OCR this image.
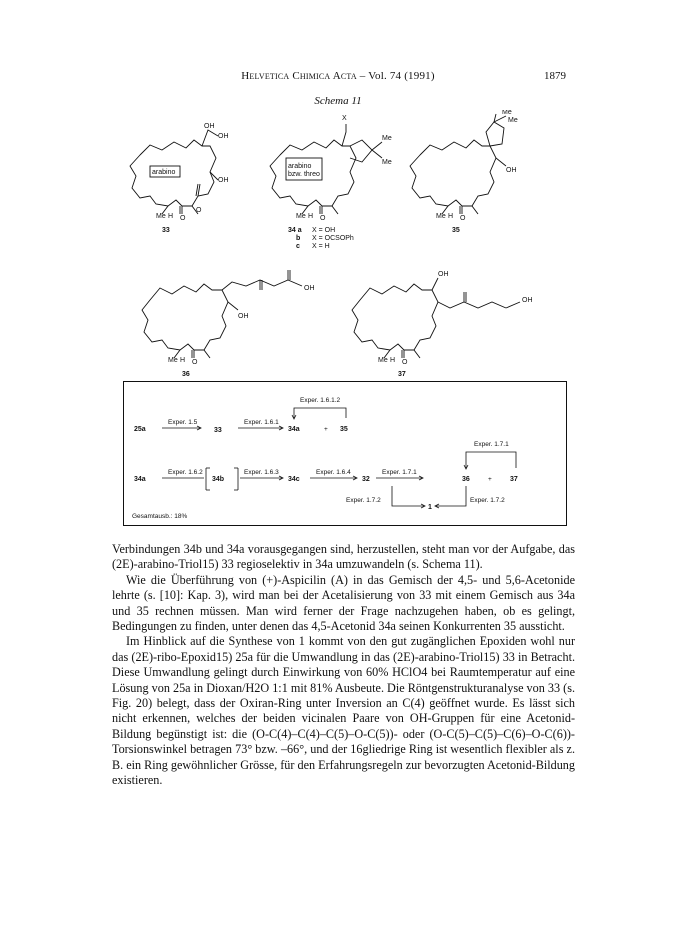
Helvetica Chimica Acta – Vol. 74 (1991)	1879
Schema 11
OH
OH
OH
arabino
Me H O
O
33
X
arabino
bzw. threo
Me
Me
Me H O
34 a X = OH
b X = OCSOPh
c X = H
Me
Me
OH
Me H O
35
OH
OH
Me H O
36
OH
OH
Me H O
37
Exper. 1.6.1.2
25a
Exper. 1.5
33
Exper. 1.6.1
34a	+ 35
Exper. 1.7.1
34a
Exper. 1.6.2
34b
Exper. 1.6.3
34c
Exper. 1.6.4
32
Exper. 1.7.1
36	+	37
Exper. 1.7.2
1
Exper. 1.7.2
Gesamtausb.: 18%

Verbindungen 34b und 34a vorausgegangen sind, herzustellen, steht man vor der Aufgabe, das (2E)-arabino-Triol15) 33 regioselektiv in 34a umzuwandeln (s. Schema 11).

Wie die Überführung von (+)-Aspicilin (A) in das Gemisch der 4,5- und 5,6-Acetonide lehrte (s. [10]: Kap. 3), wird man bei der Acetalisierung von 33 mit einem Gemisch aus 34a und 35 rechnen müssen. Man wird ferner der Frage nachzugehen haben, ob es gelingt, Bedingungen zu finden, unter denen das 4,5-Acetonid 34a seinen Konkurrenten 35 aussticht.

Im Hinblick auf die Synthese von 1 kommt von den gut zugänglichen Epoxiden wohl nur das (2E)-ribo-Epoxid15) 25a für die Umwandlung in das (2E)-arabino-Triol15) 33 in Betracht. Diese Umwandlung gelingt durch Einwirkung von 60% HClO4 bei Raumtemperatur auf eine Lösung von 25a in Dioxan/H2O 1:1 mit 81% Ausbeute. Die Röntgenstrukturanalyse von 33 (s. Fig. 20) belegt, dass der Oxiran-Ring unter Inversion an C(4) geöffnet wurde. Es lässt sich nicht erkennen, welches der beiden vicinalen Paare von OH-Gruppen für eine Acetonid-Bildung begünstigt ist: die (O-C(4)–C(4)–C(5)–O-C(5))- oder (O-C(5)–C(5)–C(6)–O-C(6))-Torsionswinkel betragen 73° bzw. –66°, und der 16gliedrige Ring ist wesentlich flexibler als z. B. ein Ring gewöhnlicher Grösse, für den Erfahrungsregeln zur bevorzugten Acetonid-Bildung existieren.
